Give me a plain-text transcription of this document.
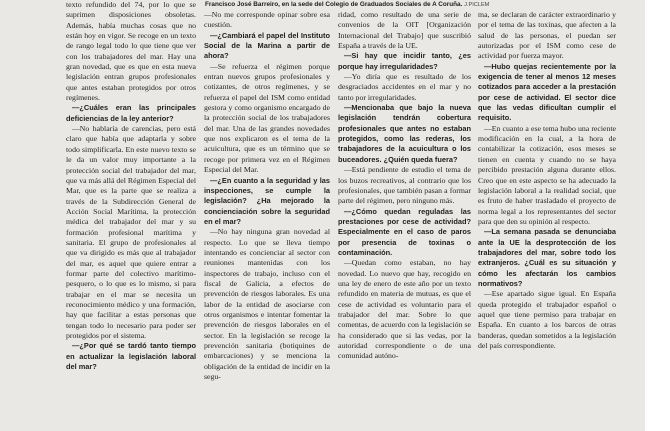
Francisco José Barreiro, en la sede del Colegio de Graduados Sociales de A Coruña. J.PICLEM

texto refundido del 74, por lo que se suprimen disposiciones obsoletas. Además, había muchas cosas que no están hoy en vigor. Se recoge en un texto de rango legal todo lo que tiene que ver con los trabajadores del mar. Hay una gran novedad, que es que en esta nueva legislación entran grupos profesionales que antes estaban protegidos por otros regímenes.

—¿Cuáles eran las principales deficiencias de la ley anterior?

—No hablaría de carencias, pero está claro que había que adaptarla y sobre todo simplificarla. En este nuevo texto se le da un valor muy importante a la protección social del trabajador del mar, que va más allá del Régimen Especial del Mar, que es la parte que se realiza a través de la Subdirección General de Acción Social Marítima, la protección médica del trabajador del mar y su formación profesional marítima y sanitaria. El grupo de profesionales al que va dirigido es más que al trabajador del mar, es aquel que quiere entrar a formar parte del colectivo marítimo-pesquero, o lo que es lo mismo, si para trabajar en el mar se necesita un reconocimiento médico y una formación, hay que facilitar a estas personas que tengan todo lo necesario para poder ser protegidos por el sistema.

—¿Por qué se tardó tanto tiempo en actualizar la legislación laboral del mar?

—No me corresponde opinar sobre esa cuestión.

—¿Cambiará el papel del Instituto Social de la Marina a partir de ahora?

—Se refuerza el régimen porque entran nuevos grupos profesionales y cotizantes, de otros regímenes, y se refuerza el papel del ISM como entidad gestora y como organismo encargado de la protección social de los trabajadores del mar. Una de las grandes novedades que nos explicaron es el tema de la acuicultura, que es un término que se recoge por primera vez en el Régimen Especial del Mar.

—¿En cuanto a la seguridad y las inspecciones, se cumple la legislación? ¿Ha mejorado la concienciación sobre la seguridad en el mar?

—No hay ninguna gran novedad al respecto. Lo que se lleva tiempo intentando es concienciar al sector con reuniones mantenidas con los inspectores de trabajo, incluso con el fiscal de Galicia, a efectos de prevención de riesgos laborales. Es una labor de la entidad de asociarse con otros organismos e intentar fomentar la prevención de riesgos laborales en el sector. En la legislación se recoge la prevención sanitaria (botiquines de embarcaciones) y se menciona la obligación de la entidad de incidir en la segu-

ridad, como resultado de una serie de convenios de la OIT [Organización Internacional del Trabajo] que suscribió España a través de la UE.

—Si hay que incidir tanto, ¿es porque hay irregularidades?

—Yo diría que es resultado de los desgraciados accidentes en el mar y no tanto por irregularidades.

—Mencionaba que bajo la nueva legislación tendrán cobertura profesionales que antes no estaban protegidos, como las rederas, los trabajadores de la acuicultura o los buceadores. ¿Quién queda fuera?

—Está pendiente de estudio el tema de los buzos recreativos, al contrario que los profesionales, que también pasan a formar parte del régimen, pero ninguno más.

—¿Cómo quedan reguladas las prestaciones por cese de actividad? Especialmente en el caso de paros por presencia de toxinas o contaminación.

—Quedan como estaban, no hay novedad. Lo nuevo que hay, recogido en una ley de enero de este año por un texto refundido en materia de mutuas, es que el cese de actividad es voluntario para el trabajador del mar. Sobre lo que comentas, de acuerdo con la legislación se ha considerado que si las vedas, por la autoridad correspondiente o de una comunidad autóno-

ma, se declaran de carácter extraordinario y por el tema de las toxinas, que afecten a la salud de las personas, el puedan ser autorizadas por el ISM como cese de actividad por fuerza mayor.

—Hubo quejas recientemente por la exigencia de tener al menos 12 meses cotizados para acceder a la prestación por cese de actividad. El sector dice que las vedas dificultan cumplir el requisito.

—En cuanto a ese tema hubo una reciente modificación en la cual, a la hora de contabilizar la cotización, esos meses se tienen en cuenta y cuando no se haya percibido prestación alguna durante ellos. Creo que en este aspecto se ha adecuado la legislación laboral a la realidad social, que es fruto de haber trasladado el proyecto de norma legal a los representantes del sector para que den su opinión al respecto.

—La semana pasada se denunciaba ante la UE la desprotección de los trabajadores del mar, sobre todo los extranjeros. ¿Cuál es su situación y cómo les afectarán los cambios normativos?

—Ese apartado sigue igual. En España queda protegido el trabajador español o aquel que tiene permiso para trabajar en España. En cuanto a los barcos de otras banderas, quedan sometidos a la legislación del país correspondiente.
